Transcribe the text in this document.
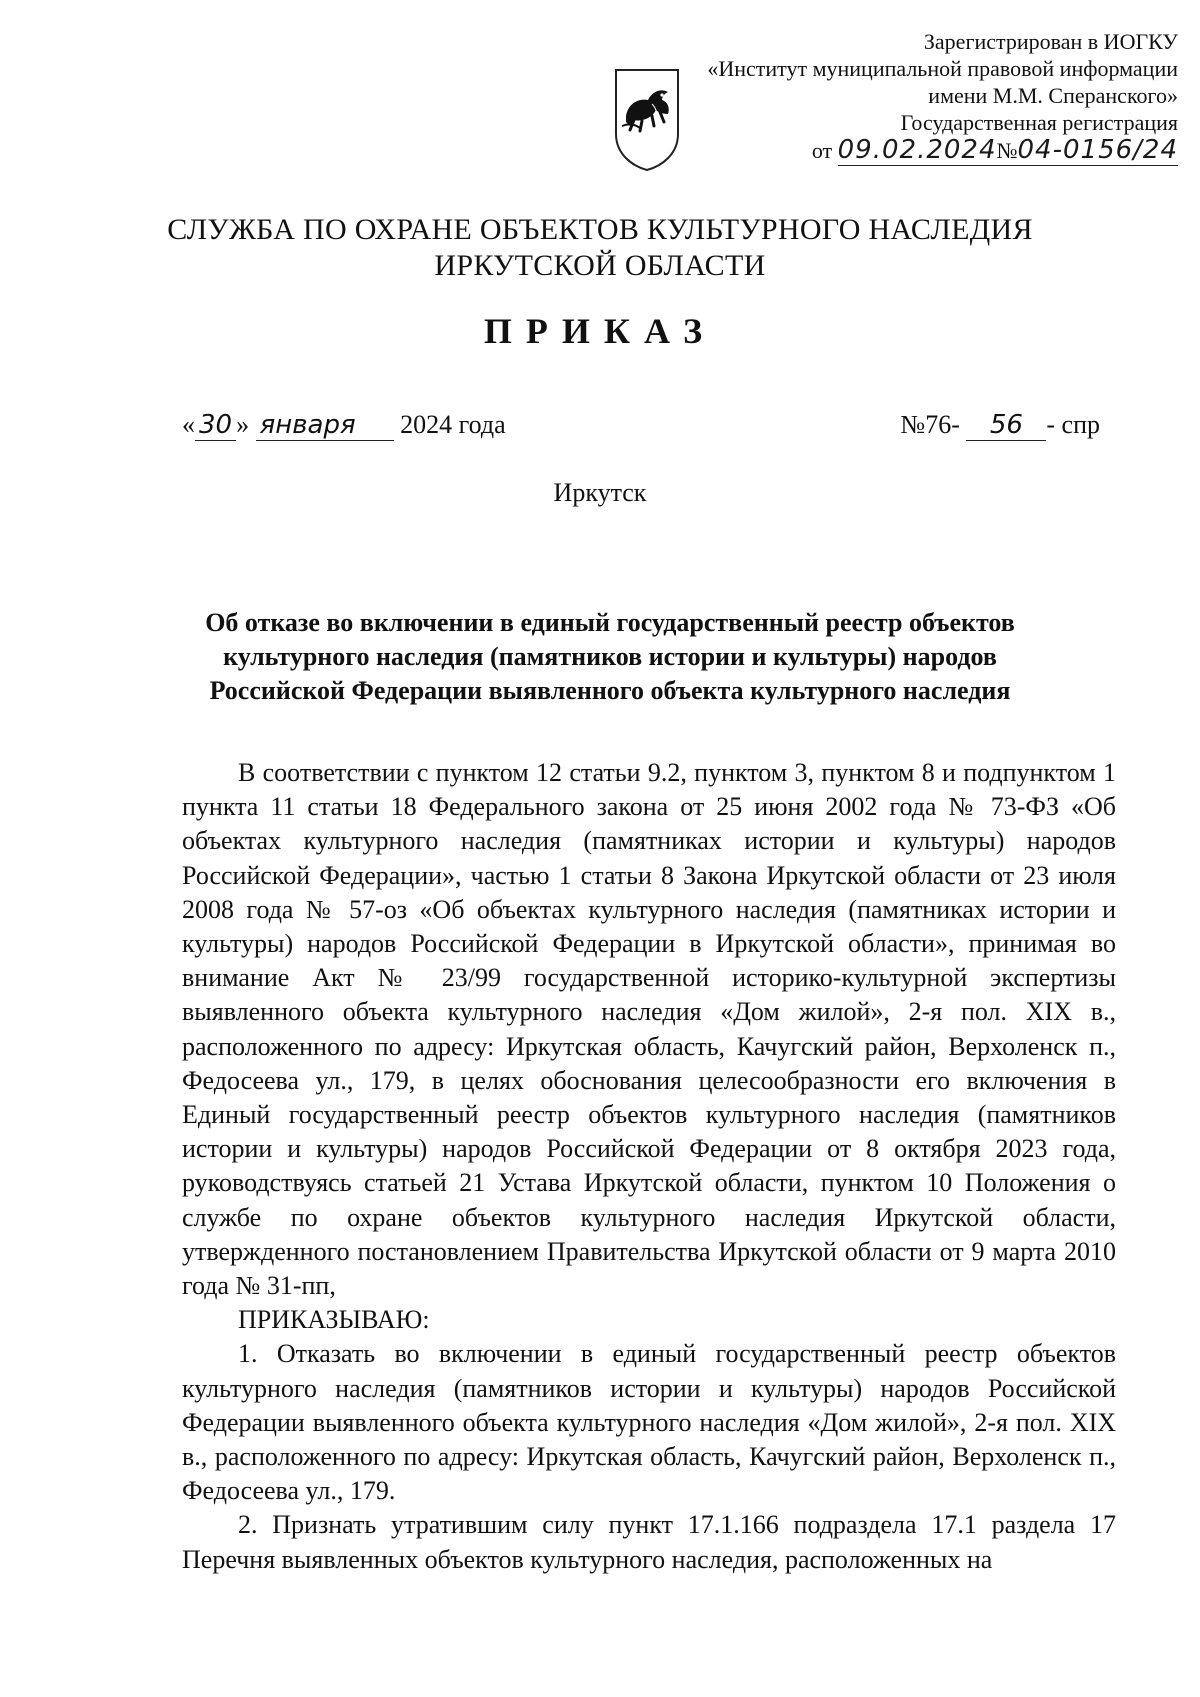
Зарегистрирован в ИОГКУ
«Институт муниципальной правовой информации
имени М.М. Сперанского»
Государственная регистрация
от 09.02.2024№04-0156/24
СЛУЖБА ПО ОХРАНЕ ОБЪЕКТОВ КУЛЬТУРНОГО НАСЛЕДИЯ
ИРКУТСКОЙ ОБЛАСТИ
ПРИКАЗ
« 30 » января 2024 года	№76- 56 - спр
Иркутск
Об отказе во включении в единый государственный реестр объектов
культурного наследия (памятников истории и культуры) народов
Российской Федерации выявленного объекта культурного наследия

В соответствии с пунктом 12 статьи 9.2, пунктом 3, пунктом 8 и подпунктом 1 пункта 11 статьи 18 Федерального закона от 25 июня 2002 года № 73-ФЗ «Об объектах культурного наследия (памятниках истории и культуры) народов Российской Федерации», частью 1 статьи 8 Закона Иркутской области от 23 июля 2008 года № 57-оз «Об объектах культурного наследия (памятниках истории и культуры) народов Российской Федерации в Иркутской области», принимая во внимание Акт № 23/99 государственной историко-культурной экспертизы выявленного объекта культурного наследия «Дом жилой», 2-я пол. XIX в., расположенного по адресу: Иркутская область, Качугский район, Верхоленск п., Федосеева ул., 179, в целях обоснования целесообразности его включения в Единый государственный реестр объектов культурного наследия (памятников истории и культуры) народов Российской Федерации от 8 октября 2023 года, руководствуясь статьей 21 Устава Иркутской области, пунктом 10 Положения о службе по охране объектов культурного наследия Иркутской области, утвержденного постановлением Правительства Иркутской области от 9 марта 2010 года № 31-пп,

ПРИКАЗЫВАЮ:

1. Отказать во включении в единый государственный реестр объектов культурного наследия (памятников истории и культуры) народов Российской Федерации выявленного объекта культурного наследия «Дом жилой», 2-я пол. XIX в., расположенного по адресу: Иркутская область, Качугский район, Верхоленск п., Федосеева ул., 179.

2. Признать утратившим силу пункт 17.1.166 подраздела 17.1 раздела 17 Перечня выявленных объектов культурного наследия, расположенных на
